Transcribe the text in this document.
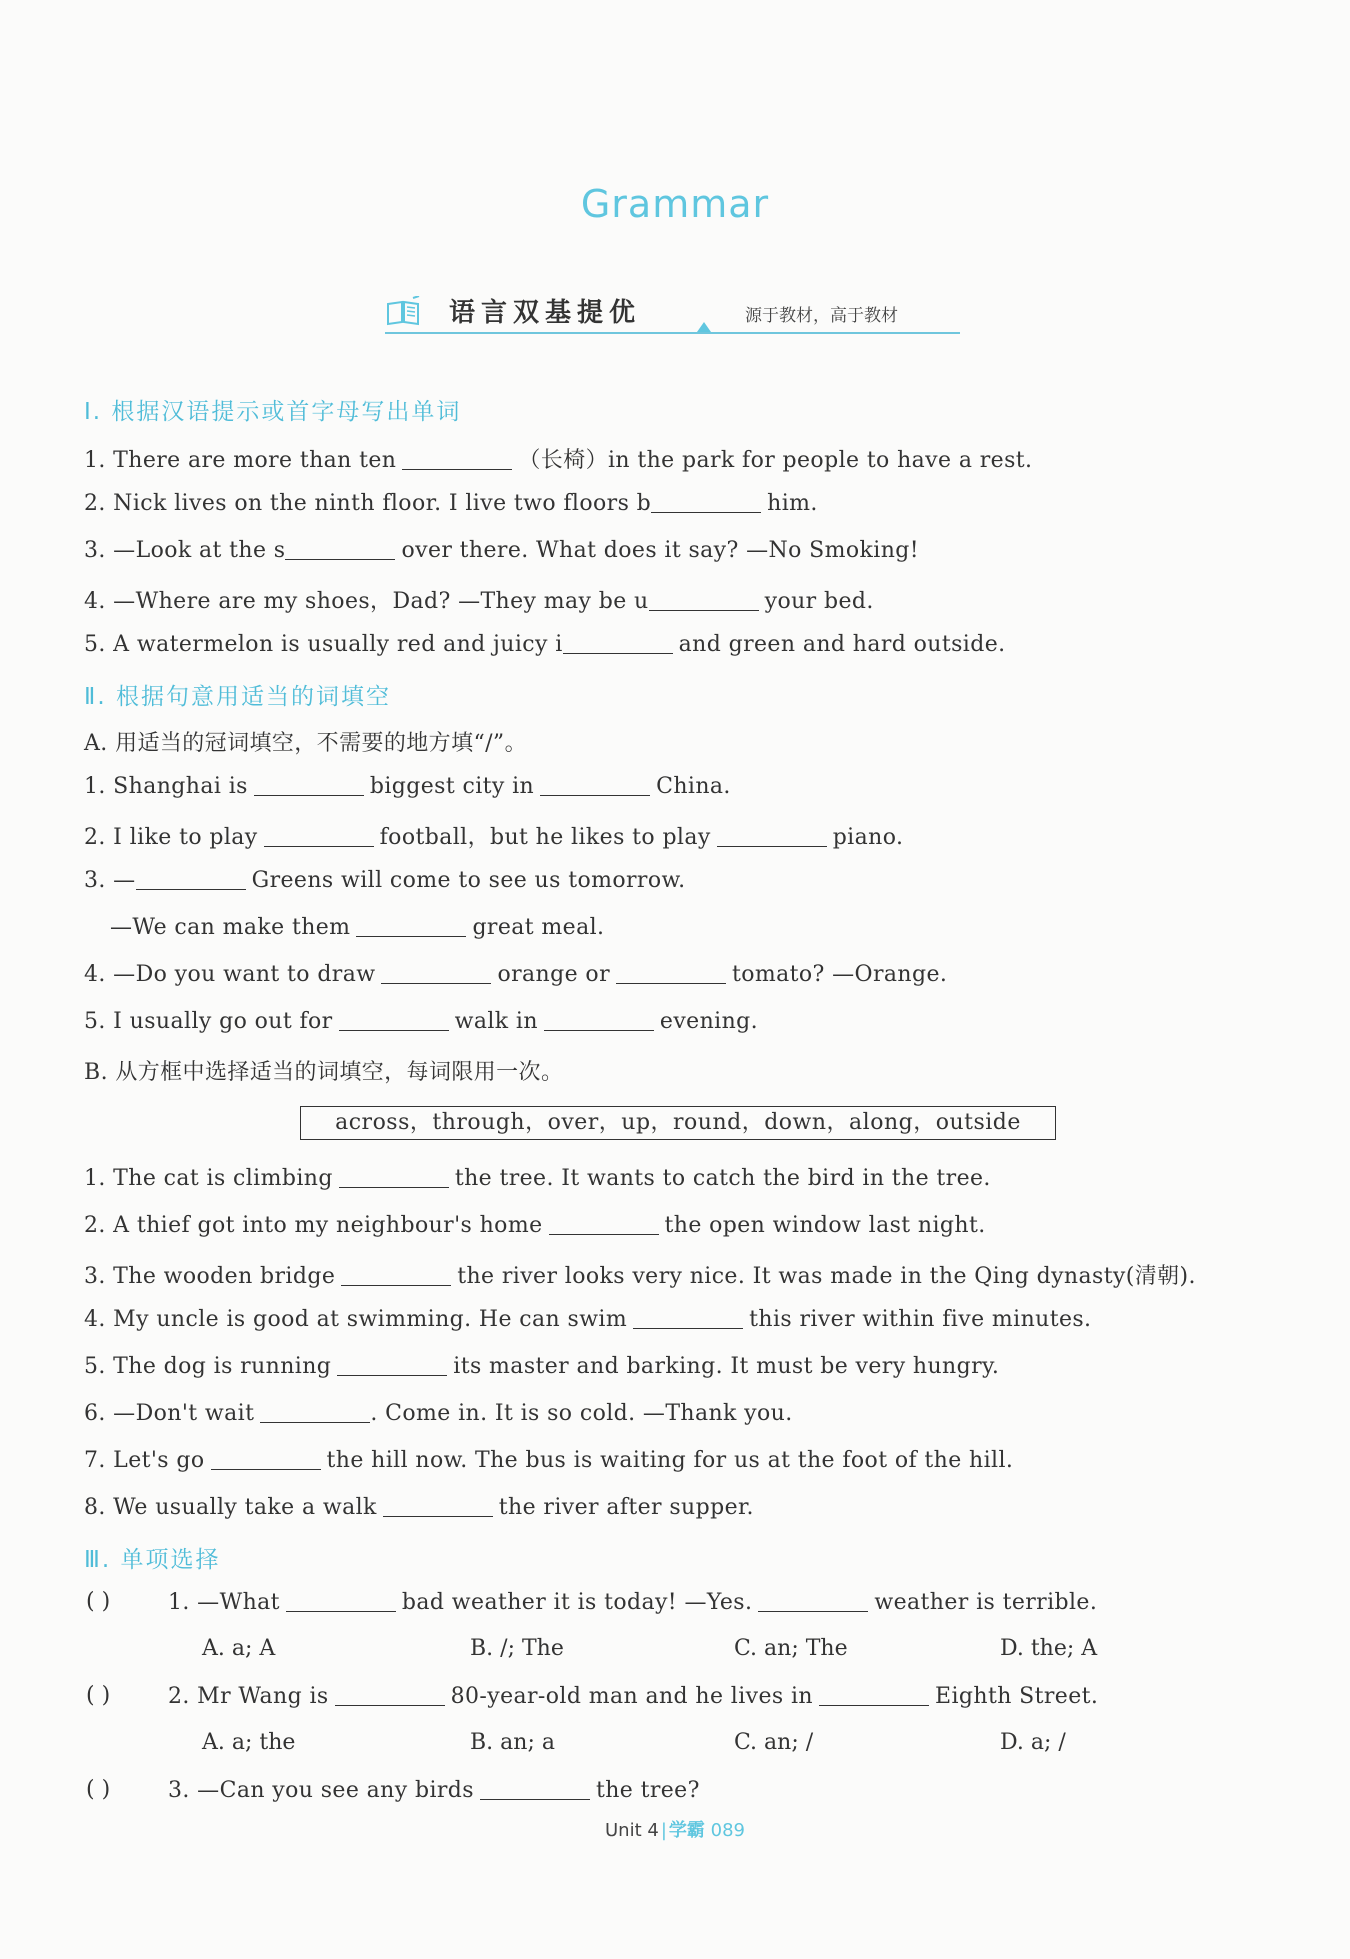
Grammar
语言双基提优	源于教材，高于教材
Ⅰ. 根据汉语提示或首字母写出单词
1. There are more than ten	（长椅）in the park for people to have a rest.
2. Nick lives on the ninth floor. I live two floors b	him.
3. —Look at the s	over there. What does it say? —No Smoking!
4. —Where are my shoes，Dad? —They may be u	your bed.
5. A watermelon is usually red and juicy i	and green and hard outside.
Ⅱ. 根据句意用适当的词填空
A. 用适当的冠词填空，不需要的地方填“/”。
1. Shanghai is	biggest city in	China.
2. I like to play	football，but he likes to play	piano.
3. —	Greens will come to see us tomorrow.
—We can make them	great meal.
4. —Do you want to draw	orange or	tomato? —Orange.
5. I usually go out for	walk in	evening.
B. 从方框中选择适当的词填空，每词限用一次。
across，through，over，up，round，down，along，outside
1. The cat is climbing	the tree. It wants to catch the bird in the tree.
2. A thief got into my neighbour's home	the open window last night.
3. The wooden bridge	the river looks very nice. It was made in the Qing dynasty(清朝).
4. My uncle is good at swimming. He can swim	this river within five minutes.
5. The dog is running	its master and barking. It must be very hungry.
6. —Don't wait	. Come in. It is so cold. —Thank you.
7. Let's go	the hill now. The bus is waiting for us at the foot of the hill.
8. We usually take a walk	the river after supper.
Ⅲ. 单项选择
( )	1. —What	bad weather it is today! —Yes.	weather is terrible.
A. a; A	B. /; The	C. an; The	D. the; A
( )	2. Mr Wang is	80-year-old man and he lives in	Eighth Street.
A. a; the	B. an; a	C. an; /	D. a; /
( )	3. —Can you see any birds	the tree?
Unit 4 | 学霸 089
